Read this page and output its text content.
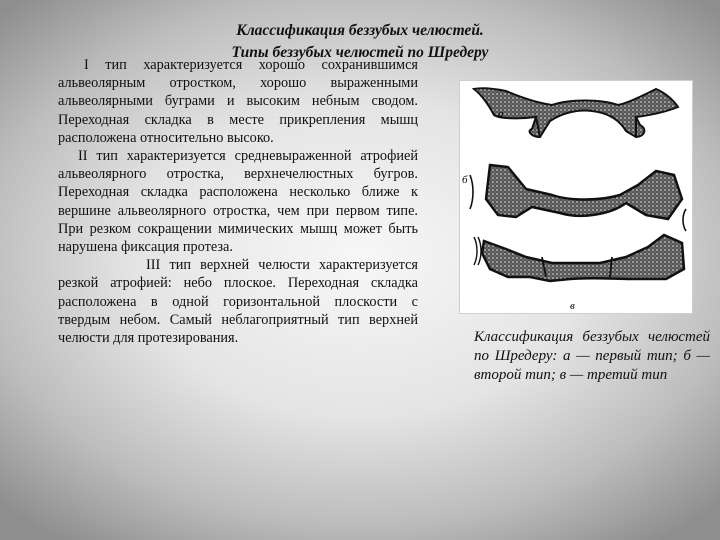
Классификация беззубых челюстей.
Типы беззубых челюстей по Шредеру

I тип характеризуется хорошо сохранившимся альвеолярным отростком, хорошо выраженными альвеолярными буграми и высоким небным сводом. Переходная складка в месте прикрепления мышц расположена относительно высоко.

II тип характеризуется средневыраженной атрофией альвеолярного отростка, верхнечелюстных бугров. Переходная складка расположена несколько ближе к вершине альвеолярного отростка, чем при первом типе. При резком сокращении мимических мышц может быть нарушена фиксация протеза.

III тип верхней челюсти характеризуется резкой атрофией: небо плоское. Переходная складка расположена в одной горизонтальной плоскости с твердым небом. Самый неблагоприятный тип верхней челюсти для протезирования.

а
б
в
Классификация беззубых челюстей по Шредеру: а — первый тип; б — второй тип; в — третий тип
